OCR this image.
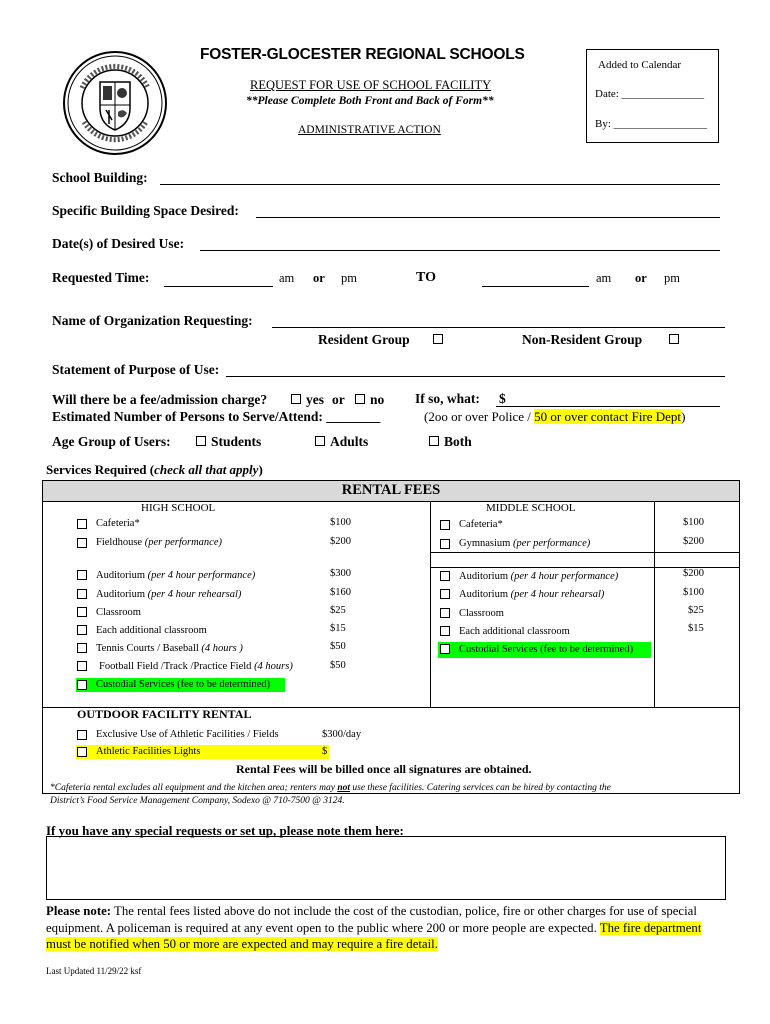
FOSTER-GLOCESTER REGIONAL SCHOOLS
REQUEST FOR USE OF SCHOOL FACILITY
**Please Complete Both Front and Back of Form**
ADMINISTRATIVE ACTION
Added to Calendar
Date: _______________
By: _________________
School Building:
Specific Building Space Desired:
Date(s) of Desired Use:
Requested Time:	am or pm	TO	am or pm
Name of Organization Requesting:
Resident Group	Non-Resident Group
Statement of Purpose of Use:
Will there be a fee/admission charge?	yes or no If so, what: $
Estimated Number of Persons to Serve/Attend: ________	(2oo or over Police / 50 or over contact Fire Dept)
Age Group of Users:	Students	Adults	Both
Services Required (check all that apply)
RENTAL FEES
HIGH SCHOOL	MIDDLE SCHOOL
Cafeteria*	$100
Fieldhouse (per performance)	$200
Auditorium (per 4 hour performance)	$300
Auditorium (per 4 hour rehearsal)	$160
Classroom	$25
Each additional classroom	$15
Tennis Courts / Baseball (4 hours )	$50
Football Field /Track /Practice Field (4 hours)	$50
Custodial Services (fee to be determined)
Cafeteria*	$100
Gymnasium (per performance)	$200
Auditorium (per 4 hour performance)	$200
Auditorium (per 4 hour rehearsal)	$100
Classroom	$25
Each additional classroom	$15
Custodial Services (fee to be determined)
OUTDOOR FACILITY RENTAL
Exclusive Use of Athletic Facilities / Fields	$300/day
Athletic Facilities Lights	$
Rental Fees will be billed once all signatures are obtained.
*Cafeteria rental excludes all equipment and the kitchen area; renters may not use these facilities. Catering services can be hired by contacting the
District’s Food Service Management Company, Sodexo @ 710-7500 @ 3124.
If you have any special requests or set up, please note them here:
Please note: The rental fees listed above do not include the cost of the custodian, police, fire or other charges for use of special equipment. A policeman is required at any event open to the public where 200 or more people are expected. The fire department must be notified when 50 or more are expected and may require a fire detail.
Last Updated 11/29/22 ksf
